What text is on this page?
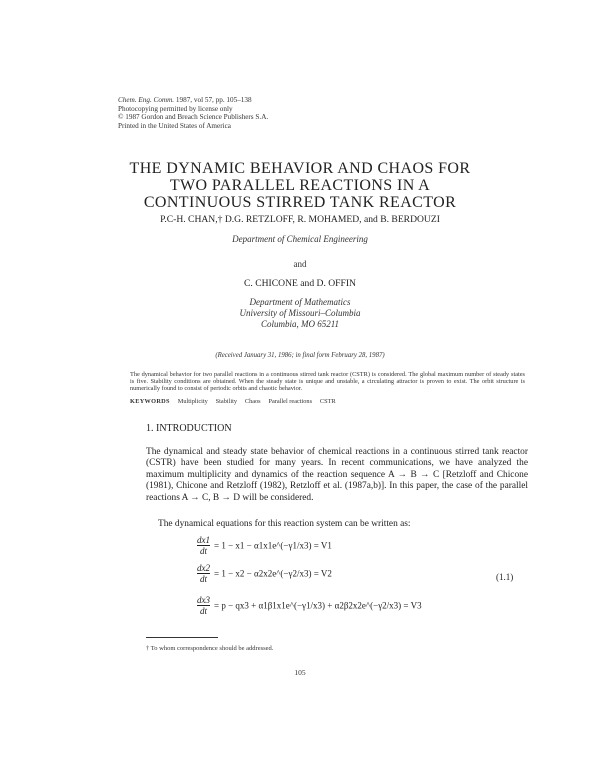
Chem. Eng. Comm. 1987, vol 57, pp. 105–138
Photocopying permitted by license only
© 1987 Gordon and Breach Science Publishers S.A.
Printed in the United States of America
THE DYNAMIC BEHAVIOR AND CHAOS FOR
TWO PARALLEL REACTIONS IN A
CONTINUOUS STIRRED TANK REACTOR
P.C-H. CHAN,† D.G. RETZLOFF, R. MOHAMED, and B. BERDOUZI
Department of Chemical Engineering
and
C. CHICONE and D. OFFIN
Department of Mathematics
University of Missouri–Columbia
Columbia, MO 65211
(Received January 31, 1986; in final form February 28, 1987)
The dynamical behavior for two parallel reactions in a continuous stirred tank reactor (CSTR) is considered. The global maximum number of steady states is five. Stability conditions are obtained. When the steady state is unique and unstable, a circulating attractor is proven to exist. The orbit structure is numerically found to consist of periodic orbits and chaotic behavior.
KEYWORDS     Multiplicity     Stability     Chaos     Parallel reactions     CSTR
1. INTRODUCTION
The dynamical and steady state behavior of chemical reactions in a continuous stirred tank reactor (CSTR) have been studied for many years. In recent communications, we have analyzed the maximum multiplicity and dynamics of the reaction sequence A → B → C [Retzloff and Chicone (1981), Chicone and Retzloff (1982), Retzloff et al. (1987a,b)]. In this paper, the case of the parallel reactions A → C, B → D will be considered.
The dynamical equations for this reaction system can be written as:
$\frac{dx1}{dt} = 1 - x1$ − α1x1e^(−γ1/x3) = V1
$\frac{dx2}{dt} = 1 - x2$ − α2x2e^(−γ2/x3) = V2	(1.1)
$\frac{dx3}{dt} = p - qx3$ + α1β1x1e^(−γ1/x3) + α2β2x2e^(−γ2/x3) = V3
† To whom correspondence should be addressed.
105
